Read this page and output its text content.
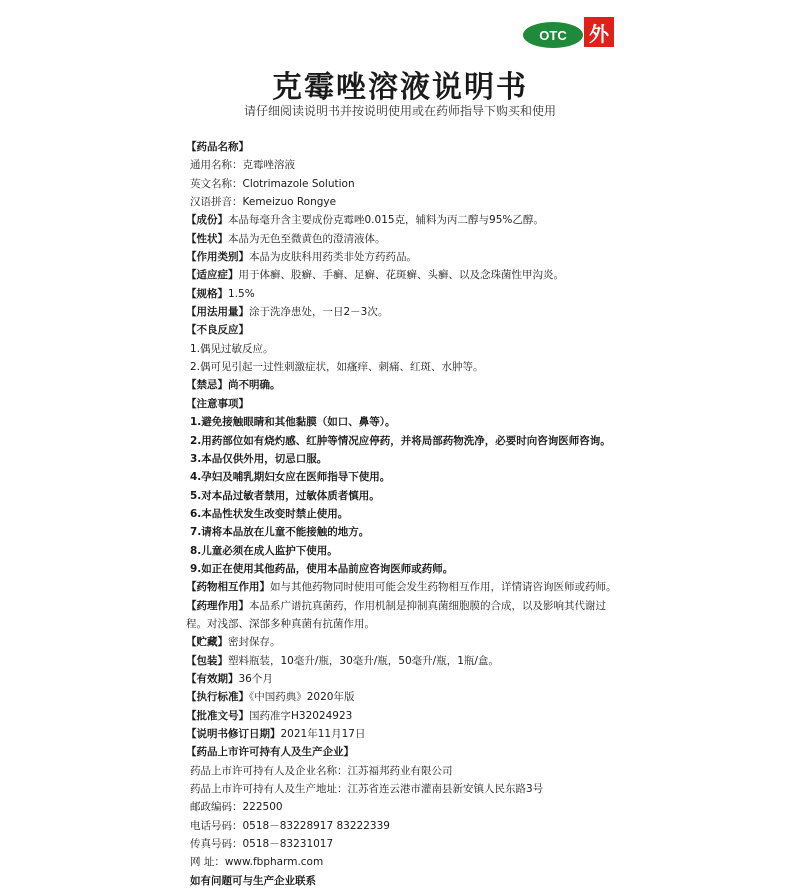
OTC	外
克霉唑溶液说明书
请仔细阅读说明书并按说明使用或在药师指导下购买和使用
【药品名称】
通用名称：克霉唑溶液
英文名称：Clotrimazole Solution
汉语拼音：Kemeizuo Rongye
【成份】本品每毫升含主要成份克霉唑0.015克，辅料为丙二醇与95%乙醇。
【性状】本品为无色至微黄色的澄清液体。
【作用类别】本品为皮肤科用药类非处方药药品。
【适应症】用于体癣、股癣、手癣、足癣、花斑癣、头癣、以及念珠菌性甲沟炎。
【规格】1.5%
【用法用量】涂于洗净患处，一日2－3次。
【不良反应】
1.偶见过敏反应。
2.偶可见引起一过性刺激症状，如瘙痒、刺痛、红斑、水肿等。
【禁忌】尚不明确。
【注意事项】
1.避免接触眼睛和其他黏膜（如口、鼻等）。
2.用药部位如有烧灼感、红肿等情况应停药，并将局部药物洗净，必要时向咨询医师咨询。
3.本品仅供外用，切忌口服。
4.孕妇及哺乳期妇女应在医师指导下使用。
5.对本品过敏者禁用，过敏体质者慎用。
6.本品性状发生改变时禁止使用。
7.请将本品放在儿童不能接触的地方。
8.儿童必须在成人监护下使用。
9.如正在使用其他药品，使用本品前应咨询医师或药师。
【药物相互作用】如与其他药物同时使用可能会发生药物相互作用，详情请咨询医师或药师。
【药理作用】本品系广谱抗真菌药，作用机制是抑制真菌细胞膜的合成，以及影响其代谢过程。对浅部、深部多种真菌有抗菌作用。
【贮藏】密封保存。
【包装】塑料瓶装，10毫升/瓶，30毫升/瓶，50毫升/瓶，1瓶/盒。
【有效期】36个月
【执行标准】《中国药典》2020年版
【批准文号】国药准字H32024923
【说明书修订日期】2021年11月17日
【药品上市许可持有人及生产企业】
药品上市许可持有人及企业名称：江苏福邦药业有限公司
药品上市许可持有人及生产地址：江苏省连云港市灌南县新安镇人民东路3号
邮政编码：222500
电话号码：0518－83228917 83222339
传真号码：0518－83231017
网 址：www.fbpharm.com
如有问题可与生产企业联系
